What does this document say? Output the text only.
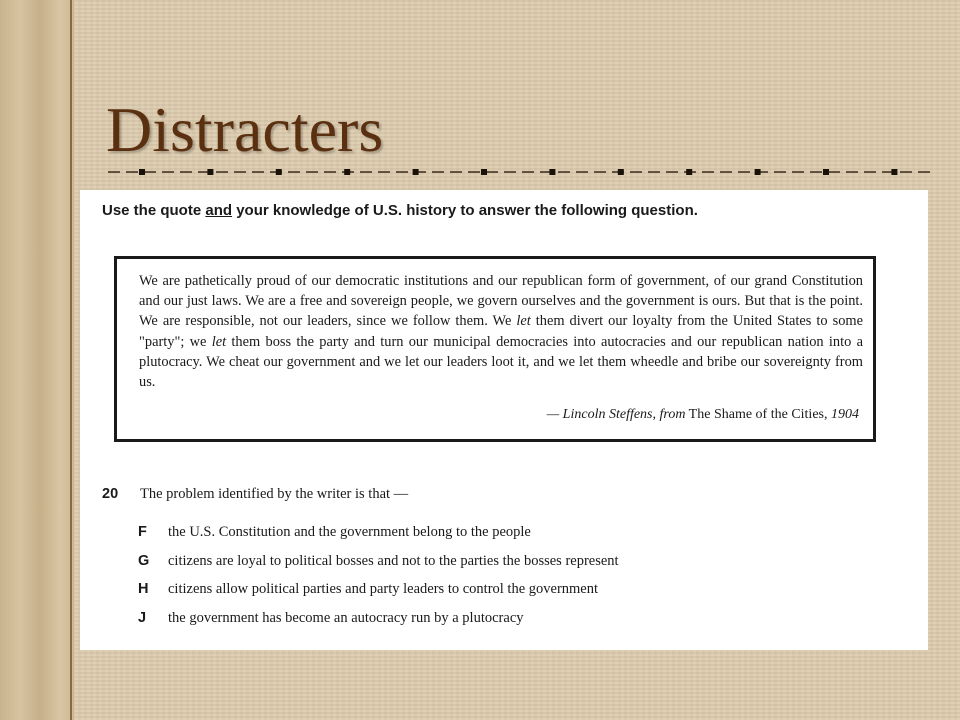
Distracters

Use the quote and your knowledge of U.S. history to answer the following question.

We are pathetically proud of our democratic institutions and our republican form of government, of our grand Constitution and our just laws. We are a free and sovereign people, we govern ourselves and the government is ours. But that is the point. We are responsible, not our leaders, since we follow them. We let them divert our loyalty from the United States to some "party"; we let them boss the party and turn our municipal democracies into autocracies and our republican nation into a plutocracy. We cheat our government and we let our leaders loot it, and we let them wheedle and bribe our sovereignty from us.

— Lincoln Steffens, from The Shame of the Cities, 1904

20 The problem identified by the writer is that —
F the U.S. Constitution and the government belong to the people
G citizens are loyal to political bosses and not to the parties the bosses represent
H citizens allow political parties and party leaders to control the government
J the government has become an autocracy run by a plutocracy
